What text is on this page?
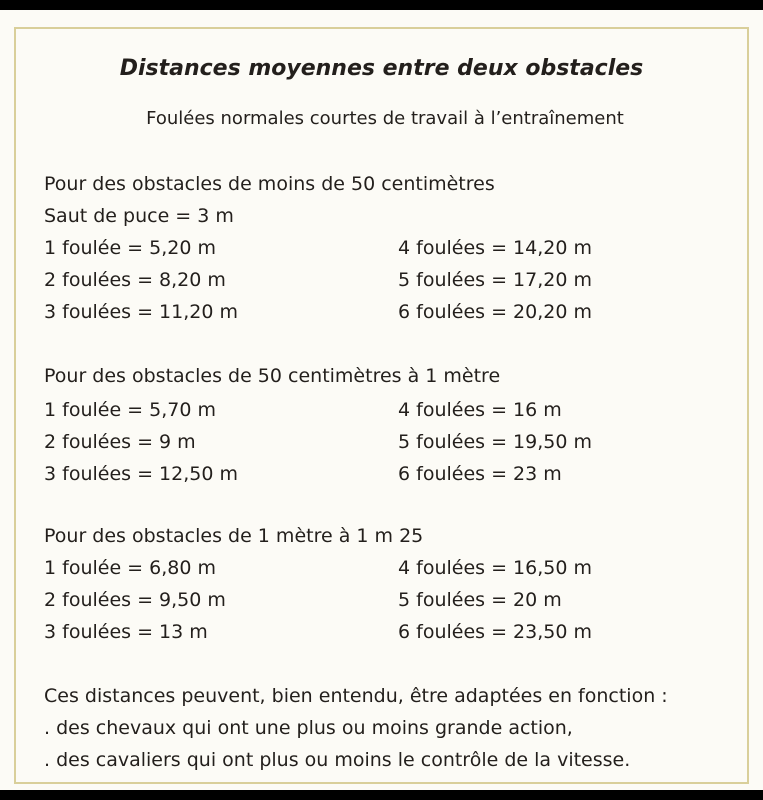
Distances moyennes entre deux obstacles
Foulées normales courtes de travail à l’entraînement
Pour des obstacles de moins de 50 centimètres
Saut de puce = 3 m
1 foulée = 5,20 m
2 foulées = 8,20 m
3 foulées = 11,20 m
4 foulées = 14,20 m
5 foulées = 17,20 m
6 foulées = 20,20 m
Pour des obstacles de 50 centimètres à 1 mètre
1 foulée = 5,70 m
2 foulées = 9 m
3 foulées = 12,50 m
4 foulées = 16 m
5 foulées = 19,50 m
6 foulées = 23 m
Pour des obstacles de 1 mètre à 1 m 25
1 foulée = 6,80 m
2 foulées = 9,50 m
3 foulées = 13 m
4 foulées = 16,50 m
5 foulées = 20 m
6 foulées = 23,50 m
Ces distances peuvent, bien entendu, être adaptées en fonction :
. des chevaux qui ont une plus ou moins grande action,
. des cavaliers qui ont plus ou moins le contrôle de la vitesse.
